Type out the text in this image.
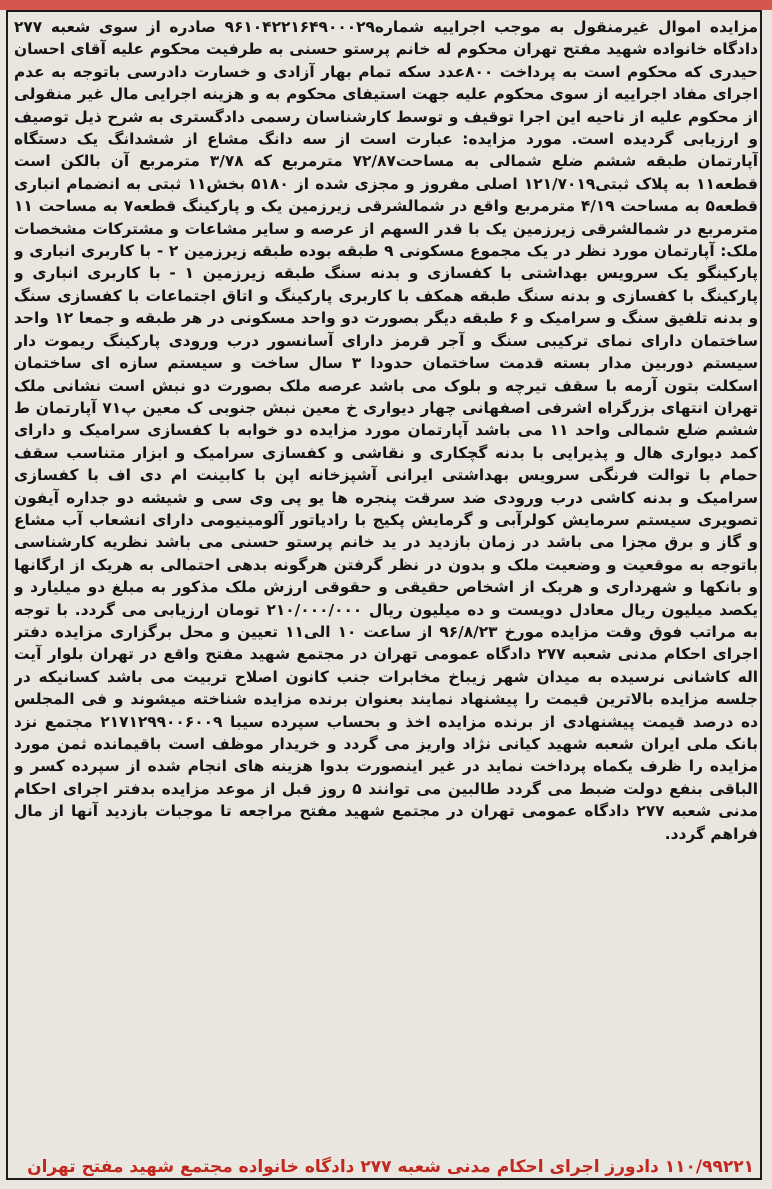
مزایده اموال غیرمنقول به موجب اجراییه شماره۹۶۱۰۴۲۲۱۶۴۹۰۰۰۲۹ صادره از سوی شعبه ۲۷۷ دادگاه خانواده شهید مفتح تهران محکوم له خانم پرستو حسنی به طرفیت محکوم علیه آقای احسان حیدری که محکوم است به پرداخت ۸۰۰عدد سکه تمام بهار آزادی و خسارت دادرسی باتوجه به عدم اجرای مفاد اجراییه از سوی محکوم علیه جهت استیفای محکوم به و هزینه اجرایی مال غیر منقولی از محکوم علیه از ناحیه این اجرا توقیف و توسط کارشناسان رسمی دادگستری به شرح ذیل توصیف و ارزیابی گردیده است. مورد مزایده: عبارت است از سه دانگ مشاع از ششدانگ یک دستگاه آپارتمان طبقه ششم ضلع شمالی به مساحت۷۲/۸۷ مترمربع که ۳/۷۸ مترمربع آن بالکن است قطعه۱۱ به پلاک ثبتی۱۲۱/۷۰۱۹ اصلی مفروز و مجزی شده از ۵۱۸۰ بخش۱۱ ثبتی به انضمام انباری قطعه۵ به مساحت ۴/۱۹ مترمربع واقع در شمالشرقی زیرزمین یک و پارکینگ قطعه۷ به مساحت ۱۱ مترمربع در شمالشرقی زیرزمین یک با قدر السهم از عرصه و سایر مشاعات و مشترکات مشخصات ملک: آپارتمان مورد نظر در یک مجموع مسکونی ۹ طبقه بوده طبقه زیرزمین ۲ - با کاربری انباری و پارکینگو یک سرویس بهداشتی با کفسازی و بدنه سنگ طبقه زیرزمین ۱ - با کاربری انباری و پارکینگ با کفسازی و بدنه سنگ طبقه همکف با کاربری پارکینگ و اتاق اجتماعات با کفسازی سنگ و بدنه تلفیق سنگ و سرامیک و ۶ طبقه دیگر بصورت دو واحد مسکونی در هر طبقه و جمعا ۱۲ واحد ساختمان دارای نمای ترکیبی سنگ و آجر قرمز دارای آسانسور درب ورودی پارکینگ ریموت دار سیستم دوربین مدار بسته قدمت ساختمان حدودا ۳ سال ساخت و سیستم سازه ای ساختمان اسکلت بتون آرمه با سقف تیرچه و بلوک می باشد عرصه ملک بصورت دو نبش است نشانی ملک تهران انتهای بزرگراه اشرفی اصفهانی چهار دیواری خ معین نبش جنوبی ک معین پ۷۱ آپارتمان ط ششم ضلع شمالی واحد ۱۱ می باشد آپارتمان مورد مزایده دو خوابه با کفسازی سرامیک و دارای کمد دیواری هال و پذیرایی با بدنه گچکاری و نقاشی و کفسازی سرامیک و ابزار متناسب سقف حمام با توالت فرنگی سرویس بهداشتی ایرانی آشپزخانه اپن با کابینت ام دی اف با کفسازی سرامیک و بدنه کاشی درب ورودی ضد سرقت پنجره ها یو پی وی سی و شیشه دو جداره آیفون تصویری سیستم سرمایش کولرآبی و گرمایش پکیج با رادیاتور آلومینیومی دارای انشعاب آب مشاع و گاز و برق مجزا می باشد در زمان بازدید در ید خانم پرستو حسنی می باشد نظریه کارشناسی باتوجه به موقعیت و وضعیت ملک و بدون در نظر گرفتن هرگونه بدهی احتمالی به هریک از ارگانها و بانکها و شهرداری و هریک از اشخاص حقیقی و حقوقی ارزش ملک مذکور به مبلغ دو میلیارد و یکصد میلیون ریال معادل دویست و ده میلیون ریال ۲۱۰/۰۰۰/۰۰۰ تومان ارزیابی می گردد. با توجه به مراتب فوق وقت مزایده مورخ ۹۶/۸/۲۳ از ساعت ۱۰ الی۱۱ تعیین و محل برگزاری مزایده دفتر اجرای احکام مدنی شعبه ۲۷۷ دادگاه عمومی تهران در مجتمع شهید مفتح واقع در تهران بلوار آیت اله کاشانی نرسیده به میدان شهر زیباخ مخابرات جنب کانون اصلاح تربیت می باشد کسانیکه در جلسه مزایده بالاترین قیمت را پیشنهاد نمایند بعنوان برنده مزایده شناخته میشوند و فی المجلس ده درصد قیمت پیشنهادی از برنده مزایده اخذ و بحساب سپرده سیبا ۲۱۷۱۲۹۹۰۰۶۰۰۹ مجتمع نزد بانک ملی ایران شعبه شهید کیانی نژاد واریز می گردد و خریدار موظف است باقیمانده ثمن مورد مزایده را ظرف یکماه پرداخت نماید در غیر اینصورت بدوا هزینه های انجام شده از سپرده کسر و الباقی بنفع دولت ضبط می گردد طالبین می توانند ۵ روز قبل از موعد مزایده بدفتر اجرای احکام مدنی شعبه ۲۷۷ دادگاه عمومی تهران در مجتمع شهید مفتح مراجعه تا موجبات بازدید آنها از مال فراهم گردد.

۱۱۰/۹۹۲۲۱ دادورز اجرای احکام مدنی شعبه ۲۷۷ دادگاه خانواده مجتمع شهید مفتح تهران
